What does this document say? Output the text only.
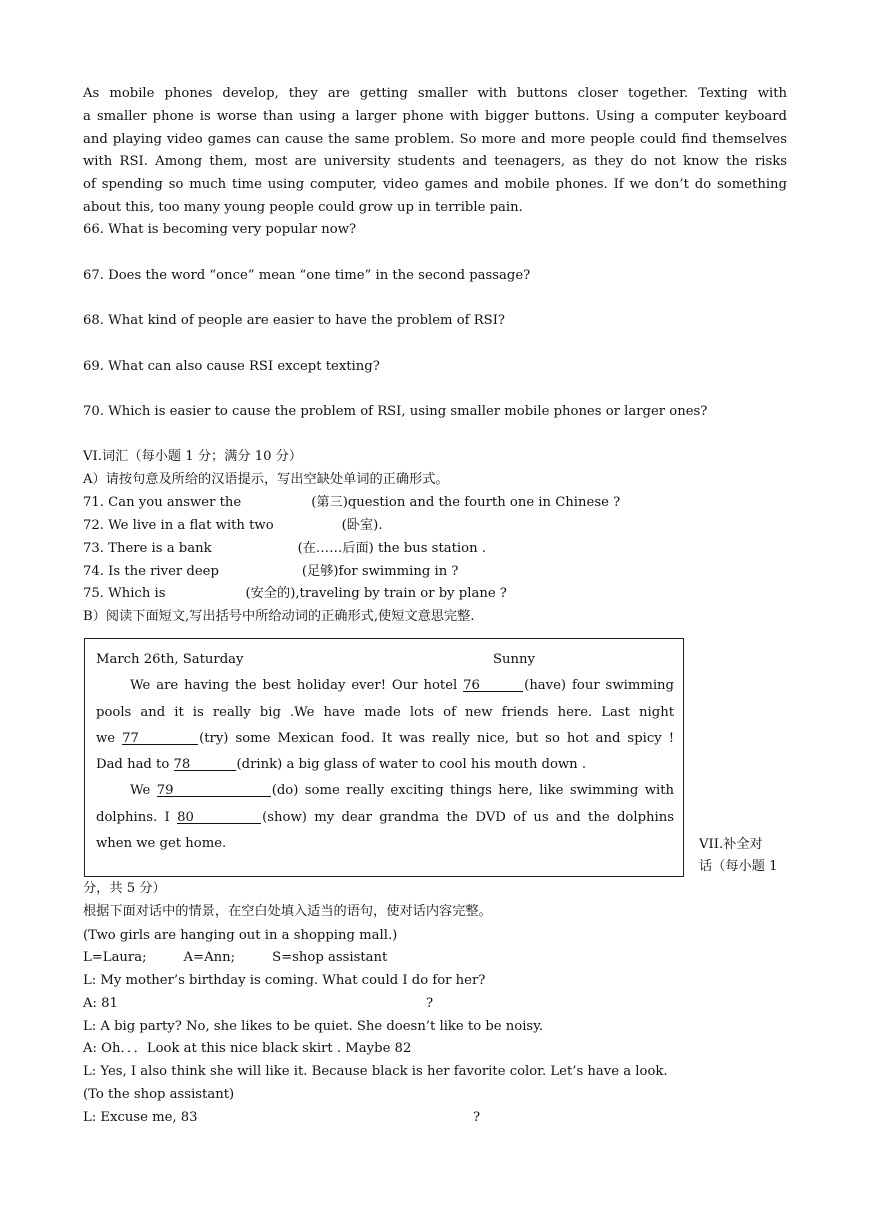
As mobile phones develop, they are getting smaller with buttons closer together. Texting with
a smaller phone is worse than using a larger phone with bigger buttons. Using a computer keyboard
and playing video games can cause the same problem. So more and more people could find themselves
with RSI. Among them, most are university students and teenagers, as they do not know the risks
of spending so much time using computer, video games and mobile phones. If we don’t do something
about this, too many young people could grow up in terrible pain.
66. What is becoming very popular now?
67. Does the word “once” mean “one time” in the second passage?
68. What kind of people are easier to have the problem of RSI?
69. What can also cause RSI except texting?
70. Which is easier to cause the problem of RSI, using smaller mobile phones or larger ones?
VI.词汇（每小题 1 分；满分 10 分）
A）请按句意及所给的汉语提示，写出空缺处单词的正确形式。
71. Can you answer the	(第三)question and the fourth one in Chinese ?
72. We live in a flat with two	(卧室).
73. There is a bank	(在……后面) the bus station .
74. Is the river deep	(足够)for swimming in ?
75. Which is	(安全的),traveling by train or by plane ?
B）阅读下面短文,写出括号中所给动词的正确形式,使短文意思完整.
March 26th, Saturday	Sunny
We are having the best holiday ever! Our hotel 76	(have) four swimming
pools and it is really big .We have made lots of new friends here. Last night
we 77	(try) some Mexican food. It was really nice, but so hot and spicy !
Dad had to 78	(drink) a big glass of water to cool his mouth down .
We 79	(do) some really exciting things here, like swimming with
dolphins. I 80	(show) my dear grandma the DVD of us and the dolphins
when we get home.	VII.补全对
话（每小题 1
分，共 5 分）
根据下面对话中的情景，在空白处填入适当的语句，使对话内容完整。
(Two girls are hanging out in a shopping mall.)
L=Laura;	A=Ann;	S=shop assistant
L: My mother’s birthday is coming. What could I do for her?
A: 81	?
L: A big party? No, she likes to be quiet. She doesn’t like to be noisy.
A: Oh．．．Look at this nice black skirt . Maybe 82
L: Yes, I also think she will like it. Because black is her favorite color. Let’s have a look.
(To the shop assistant)
L: Excuse me, 83	?
